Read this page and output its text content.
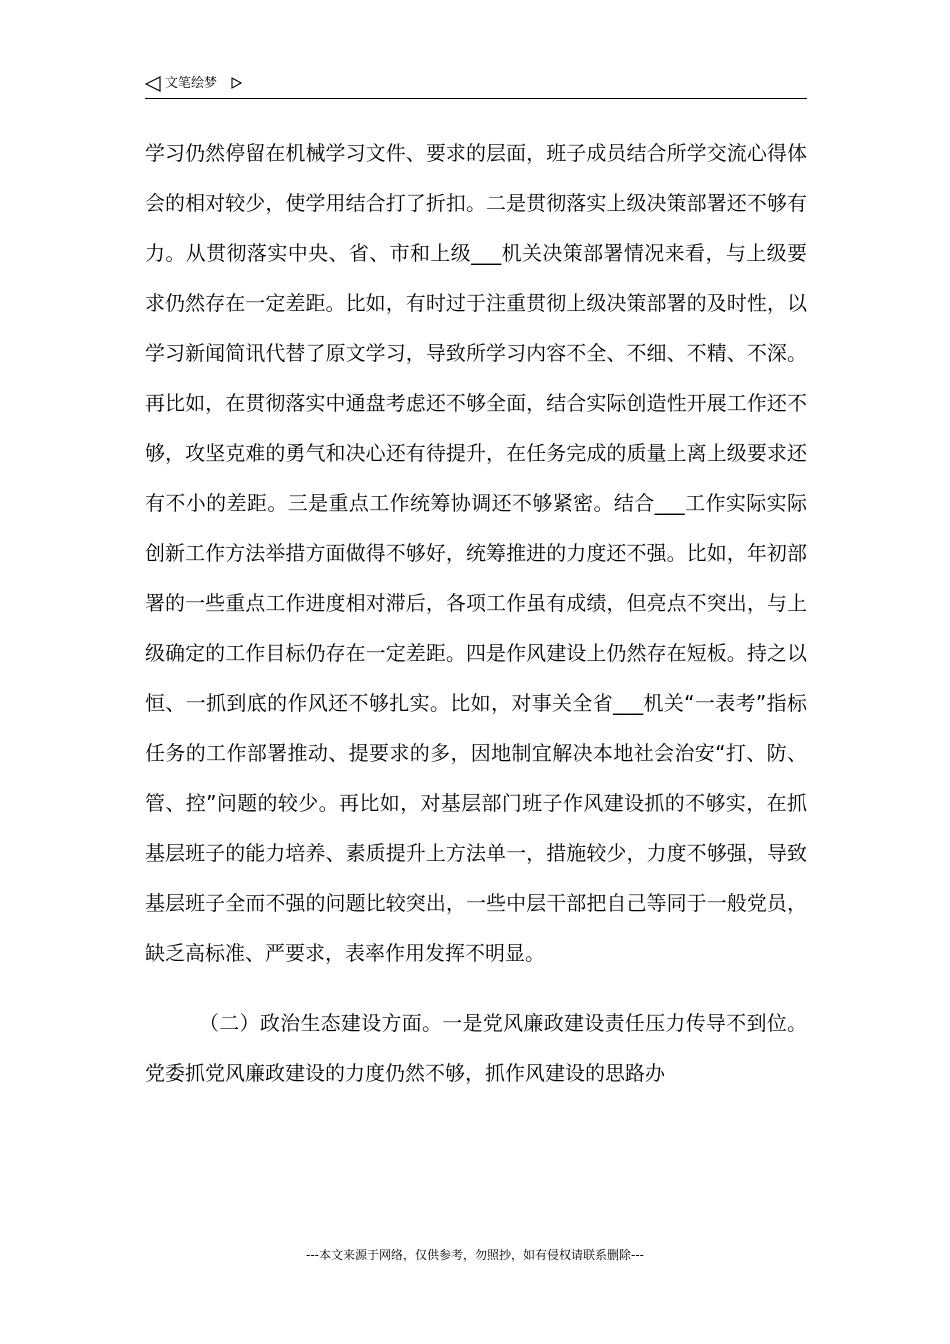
文笔绘梦

学习仍然停留在机械学习文件、要求的层面，班子成员结合所学交流心得体会的相对较少，使学用结合打了折扣。二是贯彻落实上级决策部署还不够有力。从贯彻落实中央、省、市和上级___机关决策部署情况来看，与上级要求仍然存在一定差距。比如，有时过于注重贯彻上级决策部署的及时性，以学习新闻简讯代替了原文学习，导致所学习内容不全、不细、不精、不深。再比如，在贯彻落实中通盘考虑还不够全面，结合实际创造性开展工作还不够，攻坚克难的勇气和决心还有待提升，在任务完成的质量上离上级要求还有不小的差距。三是重点工作统筹协调还不够紧密。结合___工作实际实际创新工作方法举措方面做得不够好，统筹推进的力度还不强。比如，年初部署的一些重点工作进度相对滞后，各项工作虽有成绩，但亮点不突出，与上级确定的工作目标仍存在一定差距。四是作风建设上仍然存在短板。持之以恒、一抓到底的作风还不够扎实。比如，对事关全省___机关“一表考”指标任务的工作部署推动、提要求的多，因地制宜解决本地社会治安“打、防、管、控”问题的较少。再比如，对基层部门班子作风建设抓的不够实，在抓基层班子的能力培养、素质提升上方法单一，措施较少，力度不够强，导致基层班子全而不强的问题比较突出，一些中层干部把自己等同于一般党员，缺乏高标准、严要求，表率作用发挥不明显。

（二）政治生态建设方面。一是党风廉政建设责任压力传导不到位。党委抓党风廉政建设的力度仍然不够，抓作风建设的思路办

---本文来源于网络，仅供参考，勿照抄，如有侵权请联系删除---
